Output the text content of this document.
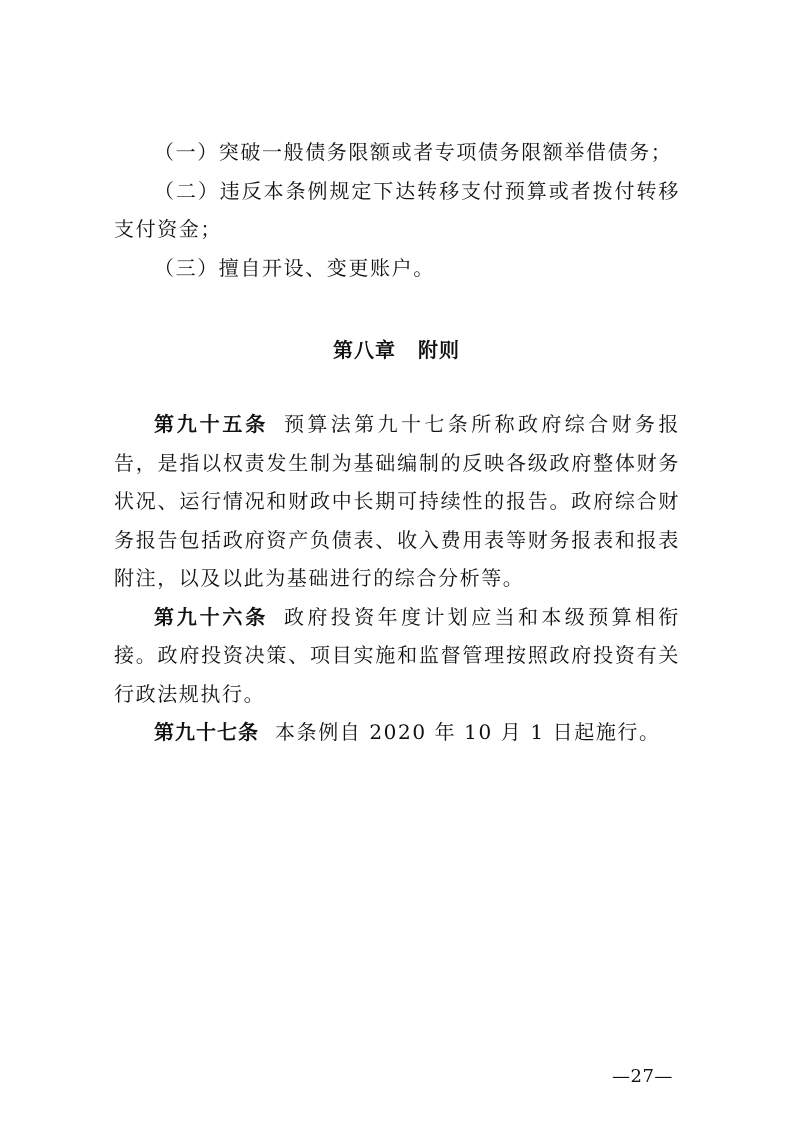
（一）突破一般债务限额或者专项债务限额举借债务；

（二）违反本条例规定下达转移支付预算或者拨付转移支付资金；

（三）擅自开设、变更账户。

第八章 附则

第九十五条 预算法第九十七条所称政府综合财务报告，是指以权责发生制为基础编制的反映各级政府整体财务状况、运行情况和财政中长期可持续性的报告。政府综合财务报告包括政府资产负债表、收入费用表等财务报表和报表附注，以及以此为基础进行的综合分析等。

第九十六条 政府投资年度计划应当和本级预算相衔接。政府投资决策、项目实施和监督管理按照政府投资有关行政法规执行。

第九十七条 本条例自 2020 年 10 月 1 日起施行。

—27—
